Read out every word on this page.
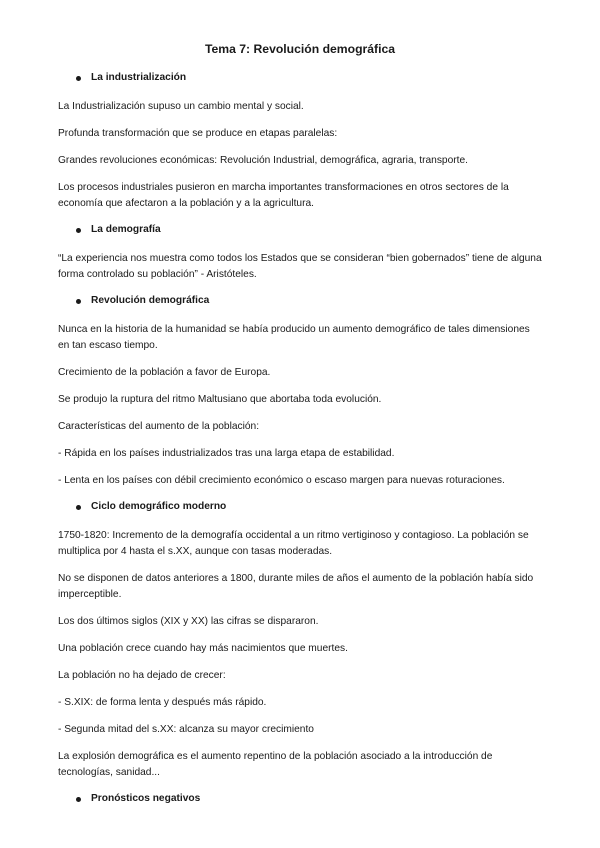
Tema 7: Revolución demográfica
La industrialización

La Industrialización supuso un cambio mental y social.

Profunda transformación que se produce en etapas paralelas:

Grandes revoluciones económicas: Revolución Industrial, demográfica, agraria, transporte.

Los procesos industriales pusieron en marcha importantes transformaciones en otros sectores de la economía que afectaron a la población y a la agricultura.

La demografía

“La experiencia nos muestra como todos los Estados que se consideran “bien gobernados” tiene de alguna forma controlado su población” - Aristóteles.

Revolución demográfica

Nunca en la historia de la humanidad se había producido un aumento demográfico de tales dimensiones en tan escaso tiempo.

Crecimiento de la población a favor de Europa.

Se produjo la ruptura del ritmo Maltusiano que abortaba toda evolución.

Características del aumento de la población:

- Rápida en los países industrializados tras una larga etapa de estabilidad.

- Lenta en los países con débil crecimiento económico o escaso margen para nuevas roturaciones.

Ciclo demográfico moderno

1750-1820: Incremento de la demografía occidental a un ritmo vertiginoso y contagioso. La población se multiplica por 4 hasta el s.XX, aunque con tasas moderadas.

No se disponen de datos anteriores a 1800, durante miles de años el aumento de la población había sido imperceptible.

Los dos últimos siglos (XIX y XX) las cifras se dispararon.

Una población crece cuando hay más nacimientos que muertes.

La población no ha dejado de crecer:

- S.XIX: de forma lenta y después más rápido.

- Segunda mitad del s.XX: alcanza su mayor crecimiento

La explosión demográfica es el aumento repentino de la población asociado a la introducción de tecnologías, sanidad...

Pronósticos negativos
